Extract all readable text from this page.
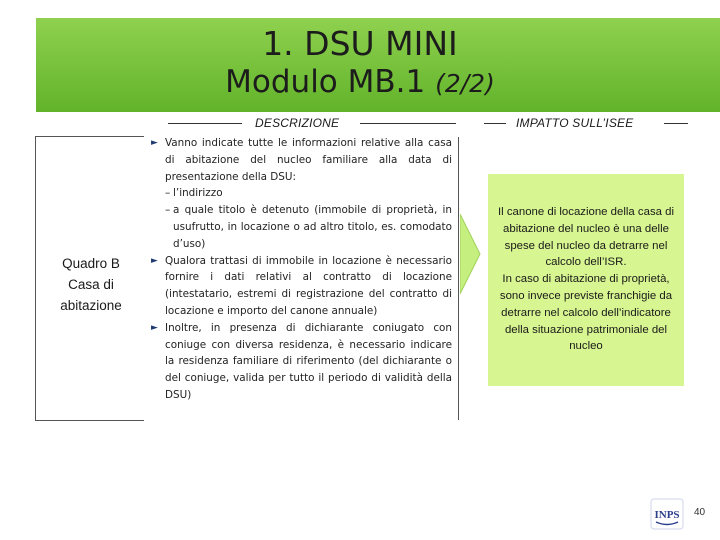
1. DSU MINI
Modulo MB.1 (2/2)
DESCRIZIONE	IMPATTO SULL’ISEE
Quadro B
Casa di
abitazione
► Vanno indicate tutte le informazioni relative alla casa di abitazione del nucleo familiare alla data di presentazione della DSU:
– l’indirizzo
– a quale titolo è detenuto (immobile di proprietà, in usufrutto, in locazione o ad altro titolo, es. comodato d’uso)
► Qualora trattasi di immobile in locazione è necessario fornire i dati relativi al contratto di locazione (intestatario, estremi di registrazione del contratto di locazione e importo del canone annuale)
► Inoltre, in presenza di dichiarante coniugato con coniuge con diversa residenza, è necessario indicare la residenza familiare di riferimento (del dichiarante o del coniuge, valida per tutto il periodo di validità della DSU)
Il canone di locazione della casa di abitazione del nucleo è una delle spese del nucleo da detrarre nel calcolo dell’ISR.
In caso di abitazione di proprietà, sono invece previste franchigie da detrarre nel calcolo dell’indicatore della situazione patrimoniale del nucleo
INPS 40
